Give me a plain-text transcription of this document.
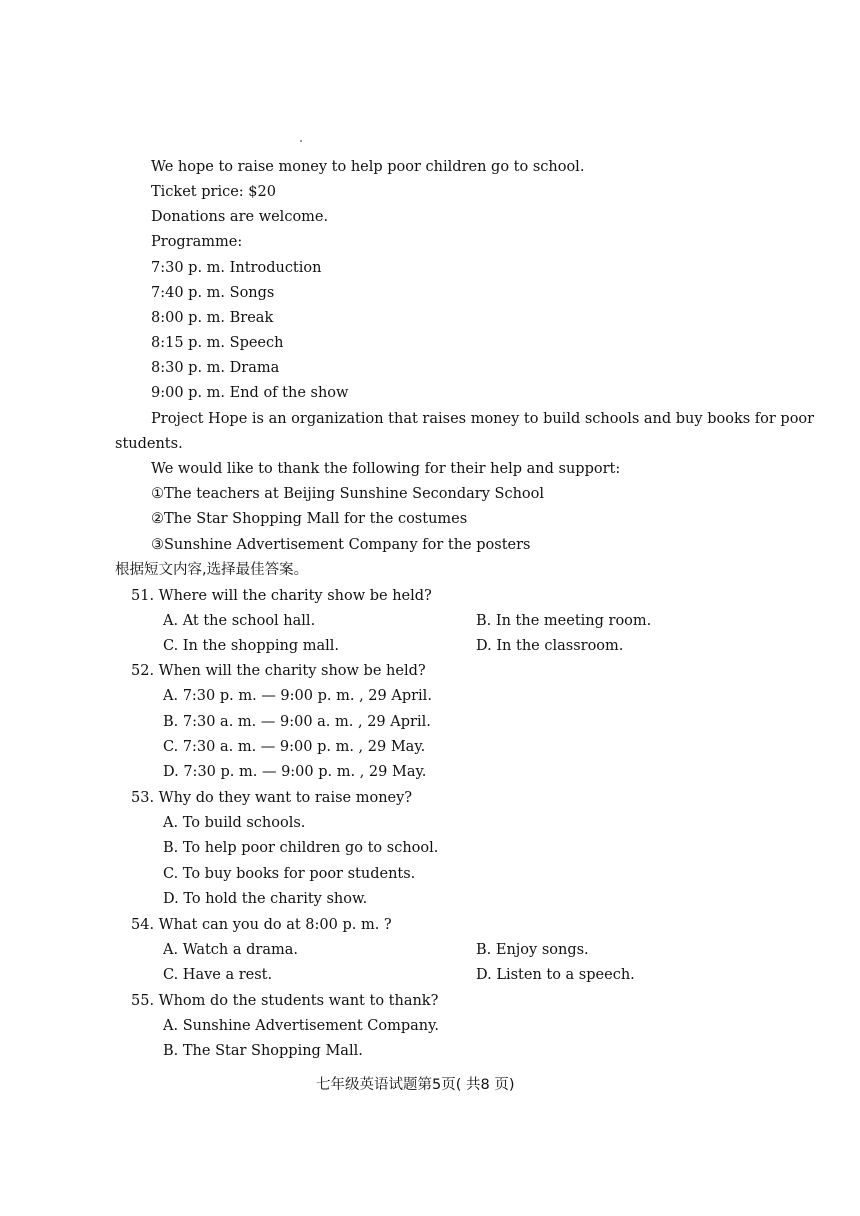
We hope to raise money to help poor children go to school.
Ticket price: $20
Donations are welcome.
Programme:
7:30 p. m. Introduction
7:40 p. m. Songs
8:00 p. m. Break
8:15 p. m. Speech
8:30 p. m. Drama
9:00 p. m. End of the show
Project Hope is an organization that raises money to build schools and buy books for poor
students.
We would like to thank the following for their help and support:
①The teachers at Beijing Sunshine Secondary School
②The Star Shopping Mall for the costumes
③Sunshine Advertisement Company for the posters
根据短文内容,选择最佳答案。
51. Where will the charity show be held?
A. At the school hall.	B. In the meeting room.
C. In the shopping mall.	D. In the classroom.
52. When will the charity show be held?
A. 7:30 p. m. — 9:00 p. m. , 29 April.
B. 7:30 a. m. — 9:00 a. m. , 29 April.
C. 7:30 a. m. — 9:00 p. m. , 29 May.
D. 7:30 p. m. — 9:00 p. m. , 29 May.
53. Why do they want to raise money?
A. To build schools.
B. To help poor children go to school.
C. To buy books for poor students.
D. To hold the charity show.
54. What can you do at 8:00 p. m. ?
A. Watch a drama.	B. Enjoy songs.
C. Have a rest.	D. Listen to a speech.
55. Whom do the students want to thank?
A. Sunshine Advertisement Company.
B. The Star Shopping Mall.
七年级英语试题第5页( 共8 页)
